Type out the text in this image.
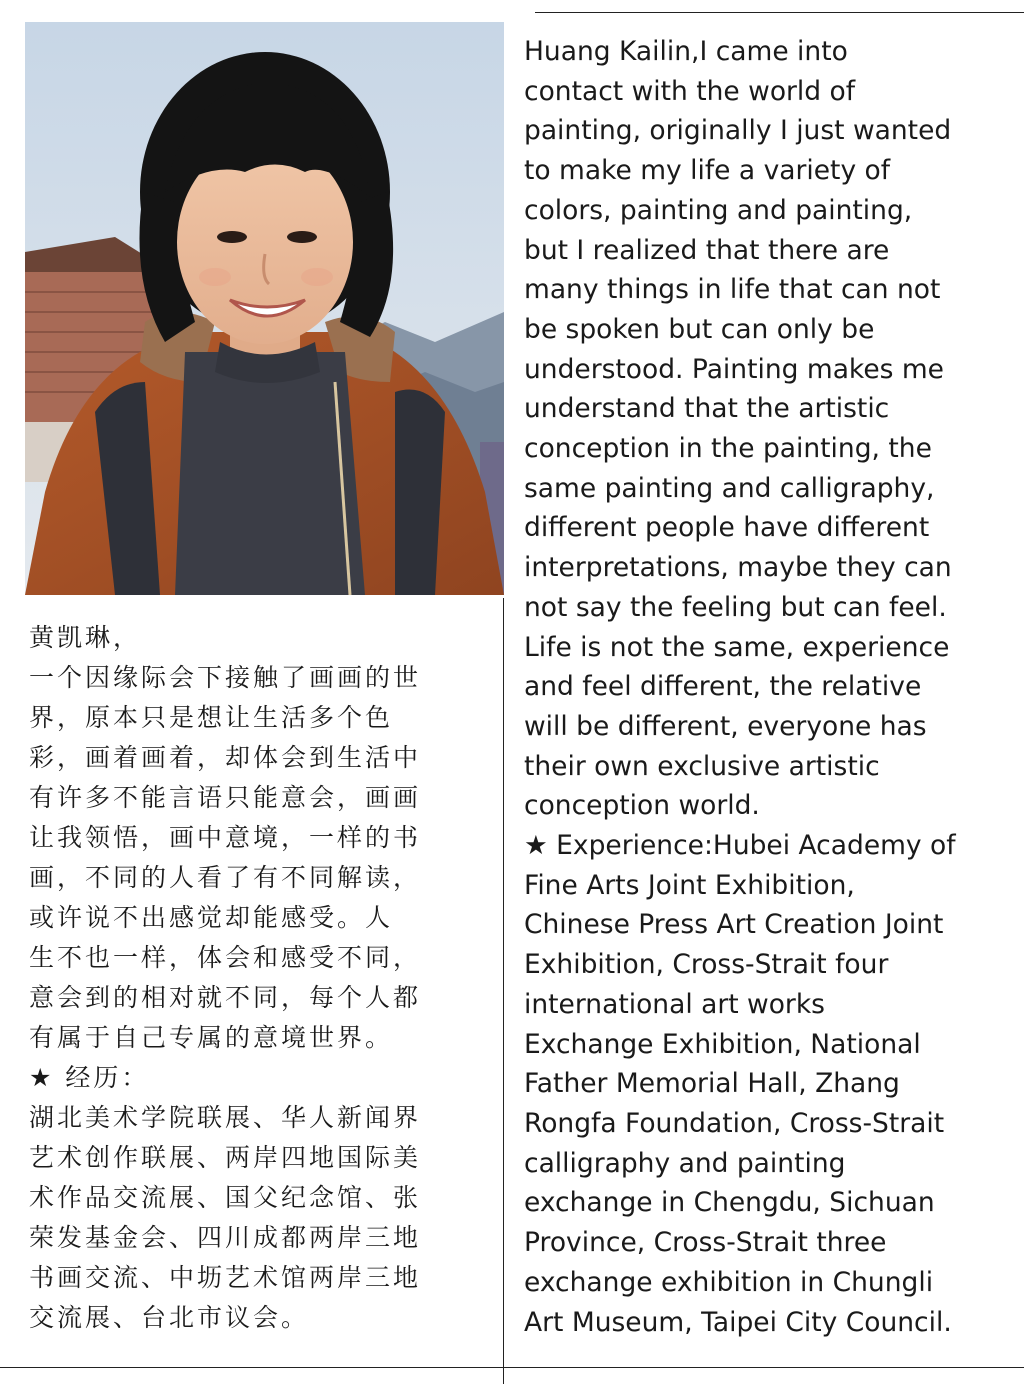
黄凯琳，
一个因缘际会下接触了画画的世
界，原本只是想让生活多个色
彩，画着画着，却体会到生活中
有许多不能言语只能意会，画画
让我领悟，画中意境，一样的书
画，不同的人看了有不同解读，
或许说不出感觉却能感受。人
生不也一样，体会和感受不同，
意会到的相对就不同，每个人都
有属于自己专属的意境世界。
★ 经历：
湖北美术学院联展、华人新闻界
艺术创作联展、两岸四地国际美
术作品交流展、国父纪念馆、张
荣发基金会、四川成都两岸三地
书画交流、中坜艺术馆两岸三地
交流展、台北市议会。
Huang Kailin,I came into
contact with the world of
painting, originally I just wanted
to make my life a variety of
colors, painting and painting,
but I realized that there are
many things in life that can not
be spoken but can only be
understood. Painting makes me
understand that the artistic
conception in the painting, the
same painting and calligraphy,
different people have different
interpretations, maybe they can
not say the feeling but can feel.
Life is not the same, experience
and feel different, the relative
will be different, everyone has
their own exclusive artistic
conception world.
★ Experience:Hubei Academy of
Fine Arts Joint Exhibition,
Chinese Press Art Creation Joint
Exhibition, Cross-Strait four
international art works
Exchange Exhibition, National
Father Memorial Hall, Zhang
Rongfa Foundation, Cross-Strait
calligraphy and painting
exchange in Chengdu, Sichuan
Province, Cross-Strait three
exchange exhibition in Chungli
Art Museum, Taipei City Council.
